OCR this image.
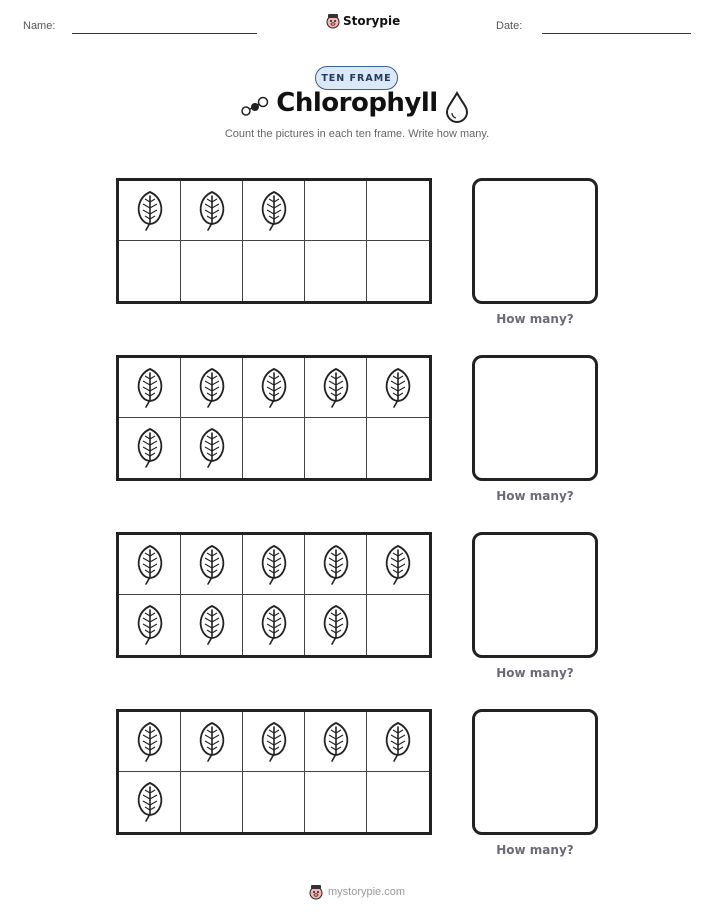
Name:	Storypie	Date:
TEN FRAME
Chlorophyll
Count the pictures in each ten frame. Write how many.
How many?
How many?
How many?
How many?
mystorypie.com
